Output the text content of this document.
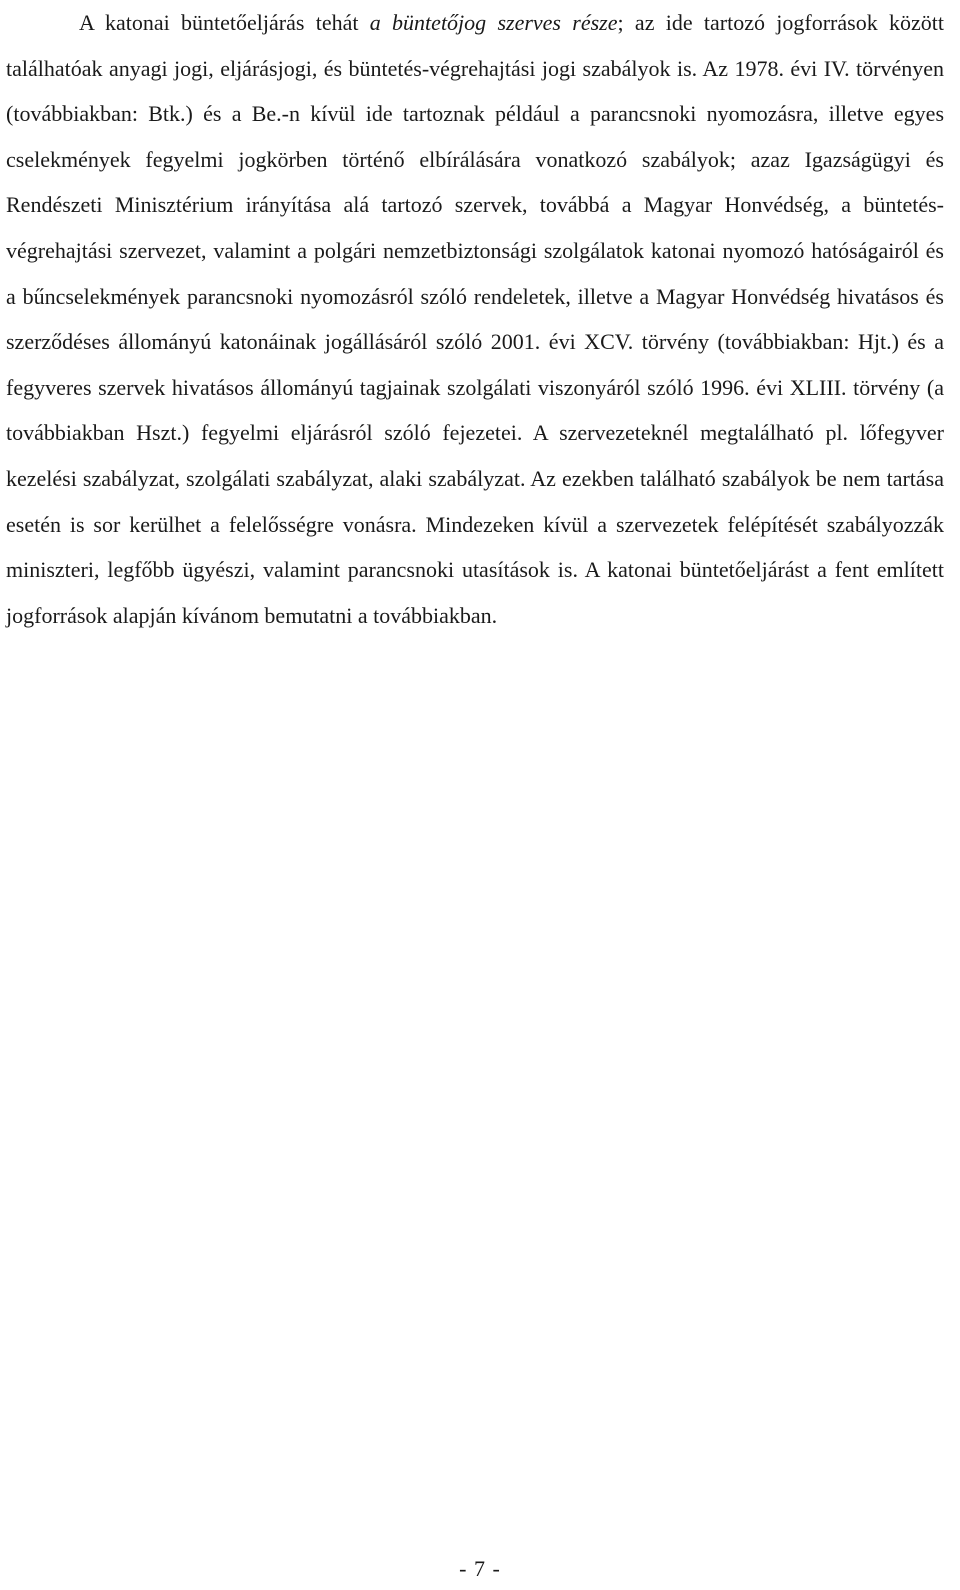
A katonai büntetőeljárás tehát a büntetőjog szerves része; az ide tartozó jogforrások között találhatóak anyagi jogi, eljárásjogi, és büntetés-végrehajtási jogi szabályok is. Az 1978. évi IV. törvényen (továbbiakban: Btk.) és a Be.-n kívül ide tartoznak például a parancsnoki nyomozásra, illetve egyes cselekmények fegyelmi jogkörben történő elbírálására vonatkozó szabályok; azaz Igazságügyi és Rendészeti Minisztérium irányítása alá tartozó szervek, továbbá a Magyar Honvédség, a büntetés-végrehajtási szervezet, valamint a polgári nemzetbiztonsági szolgálatok katonai nyomozó hatóságairól és a bűncselekmények parancsnoki nyomozásról szóló rendeletek, illetve a Magyar Honvédség hivatásos és szerződéses állományú katonáinak jogállásáról szóló 2001. évi XCV. törvény (továbbiakban: Hjt.) és a fegyveres szervek hivatásos állományú tagjainak szolgálati viszonyáról szóló 1996. évi XLIII. törvény (a továbbiakban Hszt.) fegyelmi eljárásról szóló fejezetei. A szervezeteknél megtalálható pl. lőfegyver kezelési szabályzat, szolgálati szabályzat, alaki szabályzat. Az ezekben található szabályok be nem tartása esetén is sor kerülhet a felelősségre vonásra. Mindezeken kívül a szervezetek felépítését szabályozzák miniszteri, legfőbb ügyészi, valamint parancsnoki utasítások is. A katonai büntetőeljárást a fent említett jogforrások alapján kívánom bemutatni a továbbiakban.

- 7 -
